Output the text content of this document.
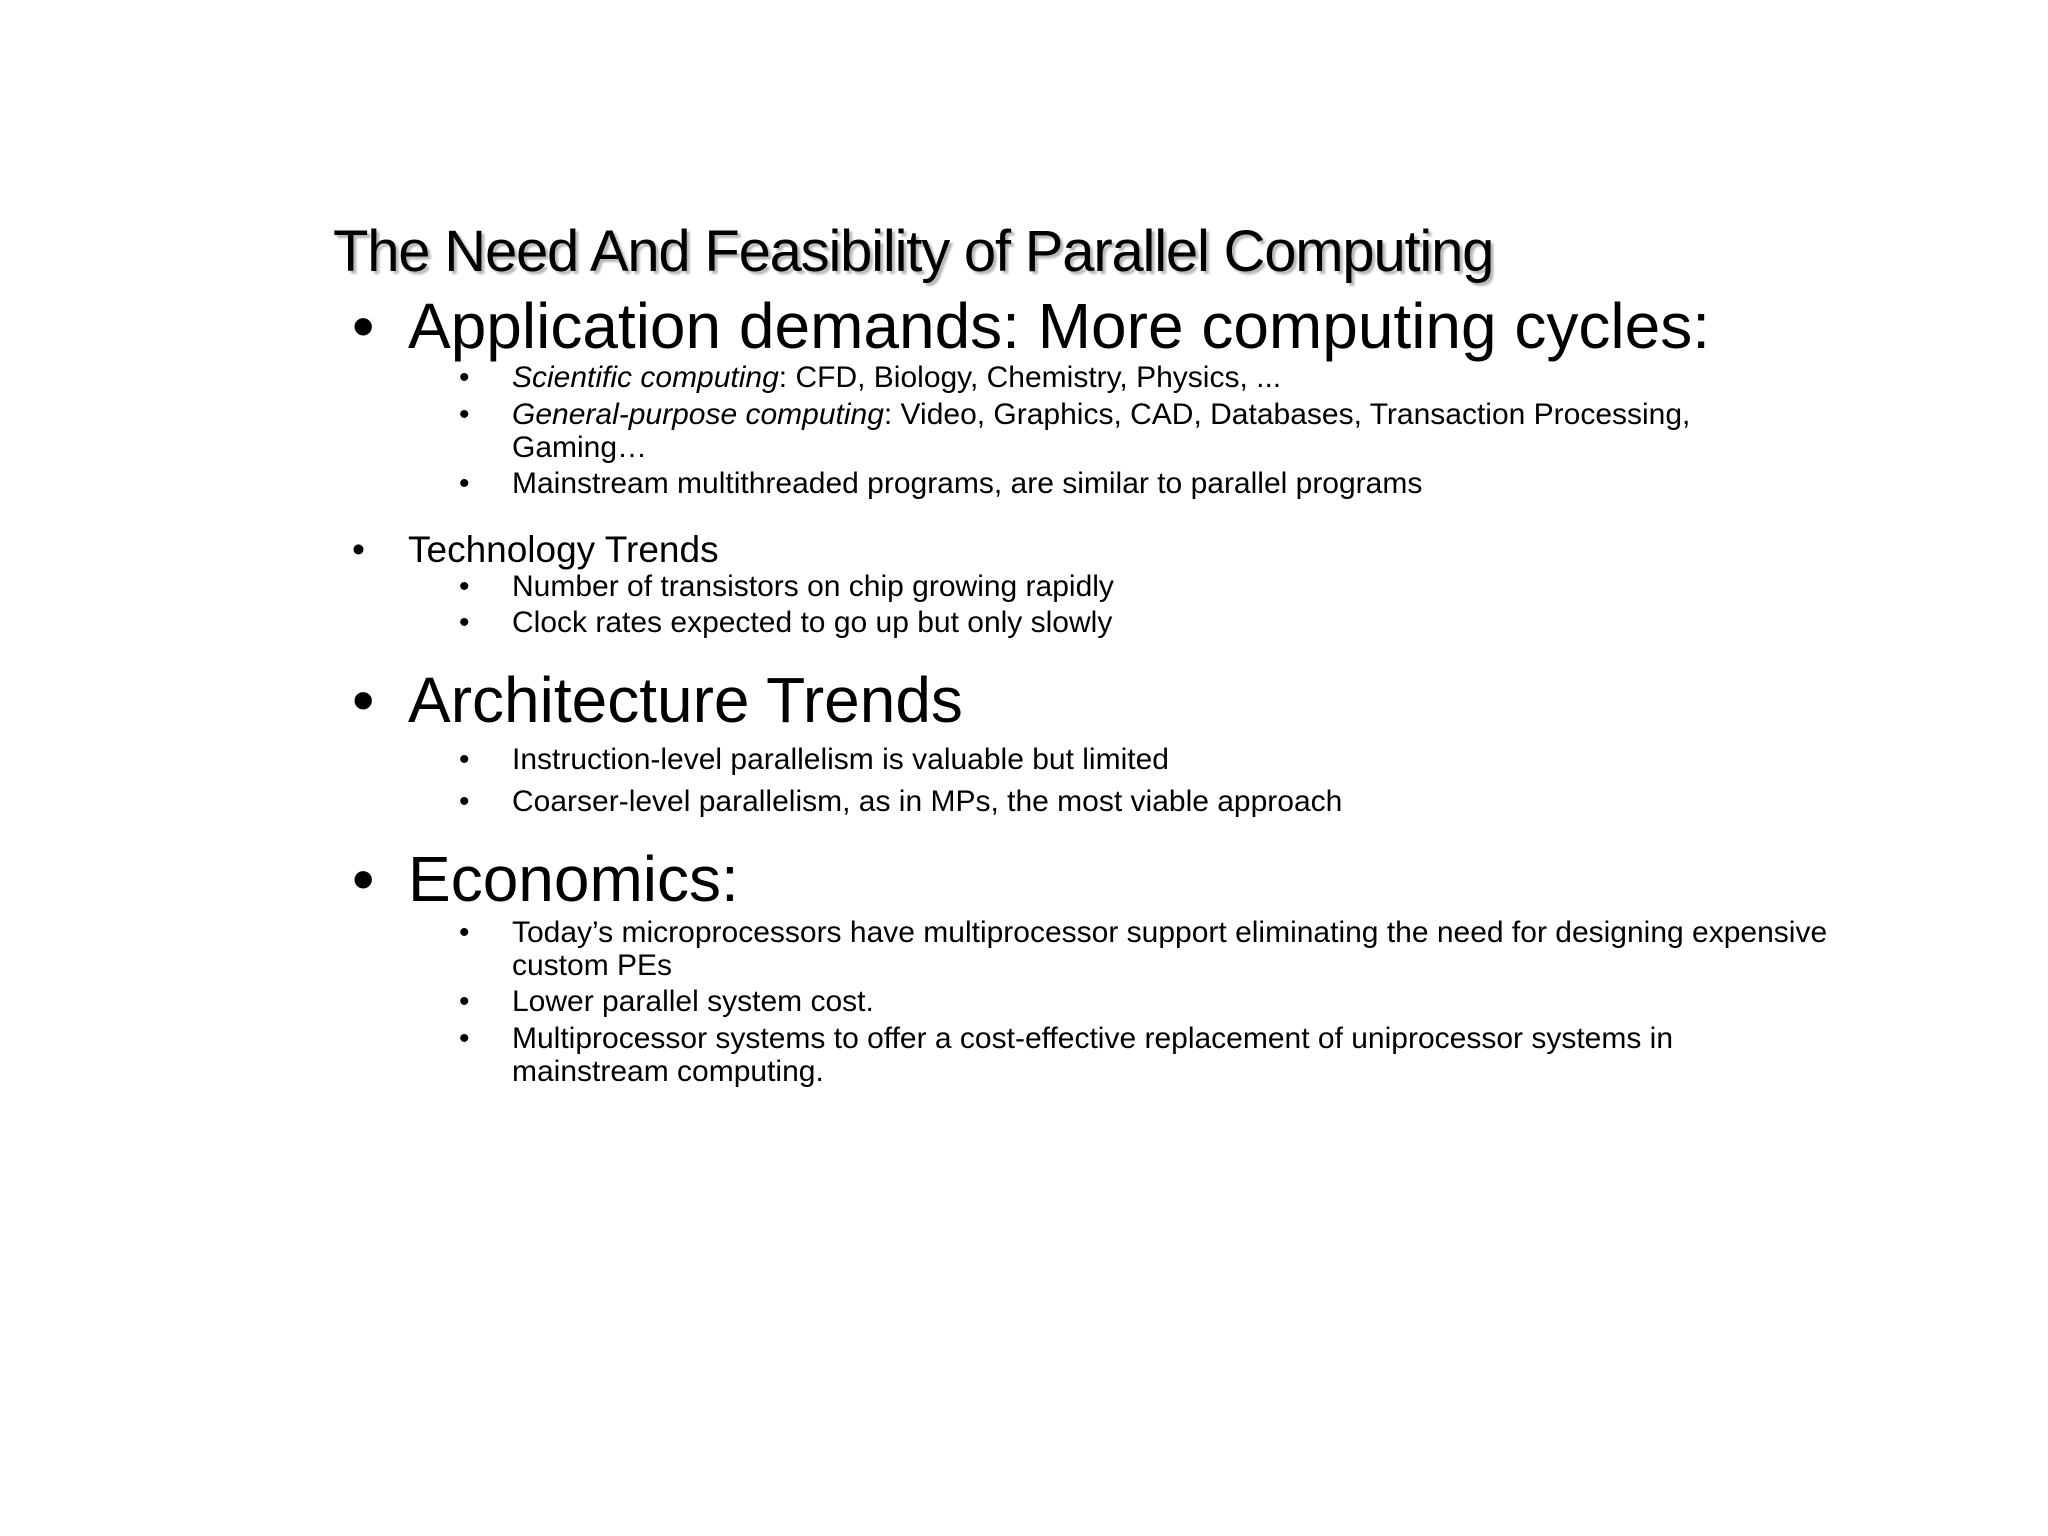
The Need And Feasibility of Parallel Computing
• Application demands: More computing cycles:
• Scientific computing: CFD, Biology, Chemistry, Physics, ...
• General-purpose computing: Video, Graphics, CAD, Databases, Transaction Processing, Gaming…
• Mainstream multithreaded programs, are similar to parallel programs
• Technology Trends
• Number of transistors on chip growing rapidly
• Clock rates expected to go up but only slowly
• Architecture Trends
• Instruction-level parallelism is valuable but limited
• Coarser-level parallelism, as in MPs, the most viable approach
• Economics:
• Today’s microprocessors have multiprocessor support eliminating the need for designing expensive custom PEs
• Lower parallel system cost.
• Multiprocessor systems to offer a cost-effective replacement of uniprocessor systems in mainstream computing.
